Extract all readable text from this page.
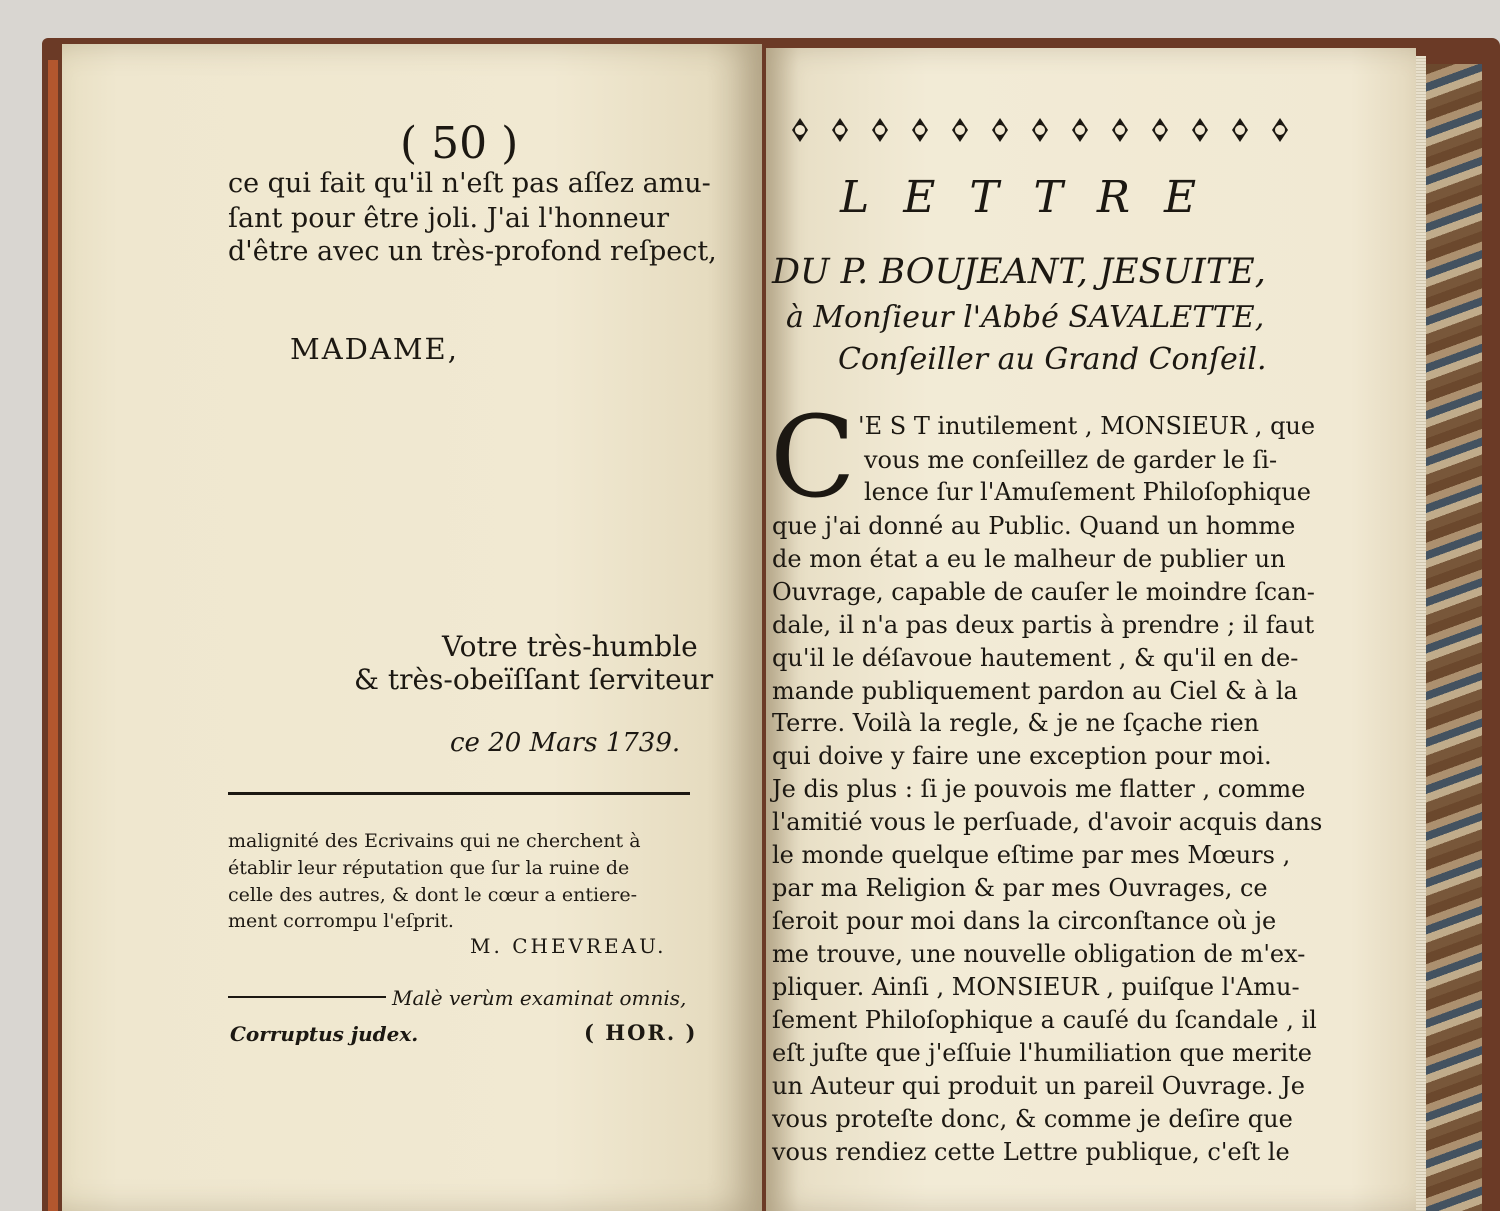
( 50 )
ce qui fait qu'il n'eſt pas aſſez amu-
ſant pour être joli. J'ai l'honneur
d'être avec un très-profond reſpect,
MADAME,
Votre très-humble
& très-obeïſſant ſerviteur
ce 20 Mars 1739.
malignité des Ecrivains qui ne cherchent à
établir leur réputation que ſur la ruine de
celle des autres, & dont le cœur a entiere-
ment corrompu l'eſprit.
M. CHEVREAU.
Malè verùm examinat omnis,
Corruptus judex.	( HOR. )
LETTRE
DU P. BOUJEANT, JESUITE,
à Monſieur l'Abbé SAVALETTE,
Conſeiller au Grand Conſeil.
C 'E S T inutilement , MONSIEUR , que
vous me conſeillez de garder le ſi-
lence ſur l'Amuſement Philoſophique
que j'ai donné au Public. Quand un homme
de mon état a eu le malheur de publier un
Ouvrage, capable de cauſer le moindre ſcan-
dale, il n'a pas deux partis à prendre ; il faut
qu'il le déſavoue hautement , & qu'il en de-
mande publiquement pardon au Ciel & à la
Terre. Voilà la regle, & je ne ſçache rien
qui doive y faire une exception pour moi.
Je dis plus : ſi je pouvois me flatter , comme
l'amitié vous le perſuade, d'avoir acquis dans
le monde quelque eſtime par mes Mœurs ,
par ma Religion & par mes Ouvrages, ce
ſeroit pour moi dans la circonſtance où je
me trouve, une nouvelle obligation de m'ex-
pliquer. Ainſi , MONSIEUR , puiſque l'Amu-
ſement Philoſophique a cauſé du ſcandale , il
eſt juſte que j'eſſuie l'humiliation que merite
un Auteur qui produit un pareil Ouvrage. Je
vous proteſte donc, & comme je deſire que
vous rendiez cette Lettre publique, c'eſt le
